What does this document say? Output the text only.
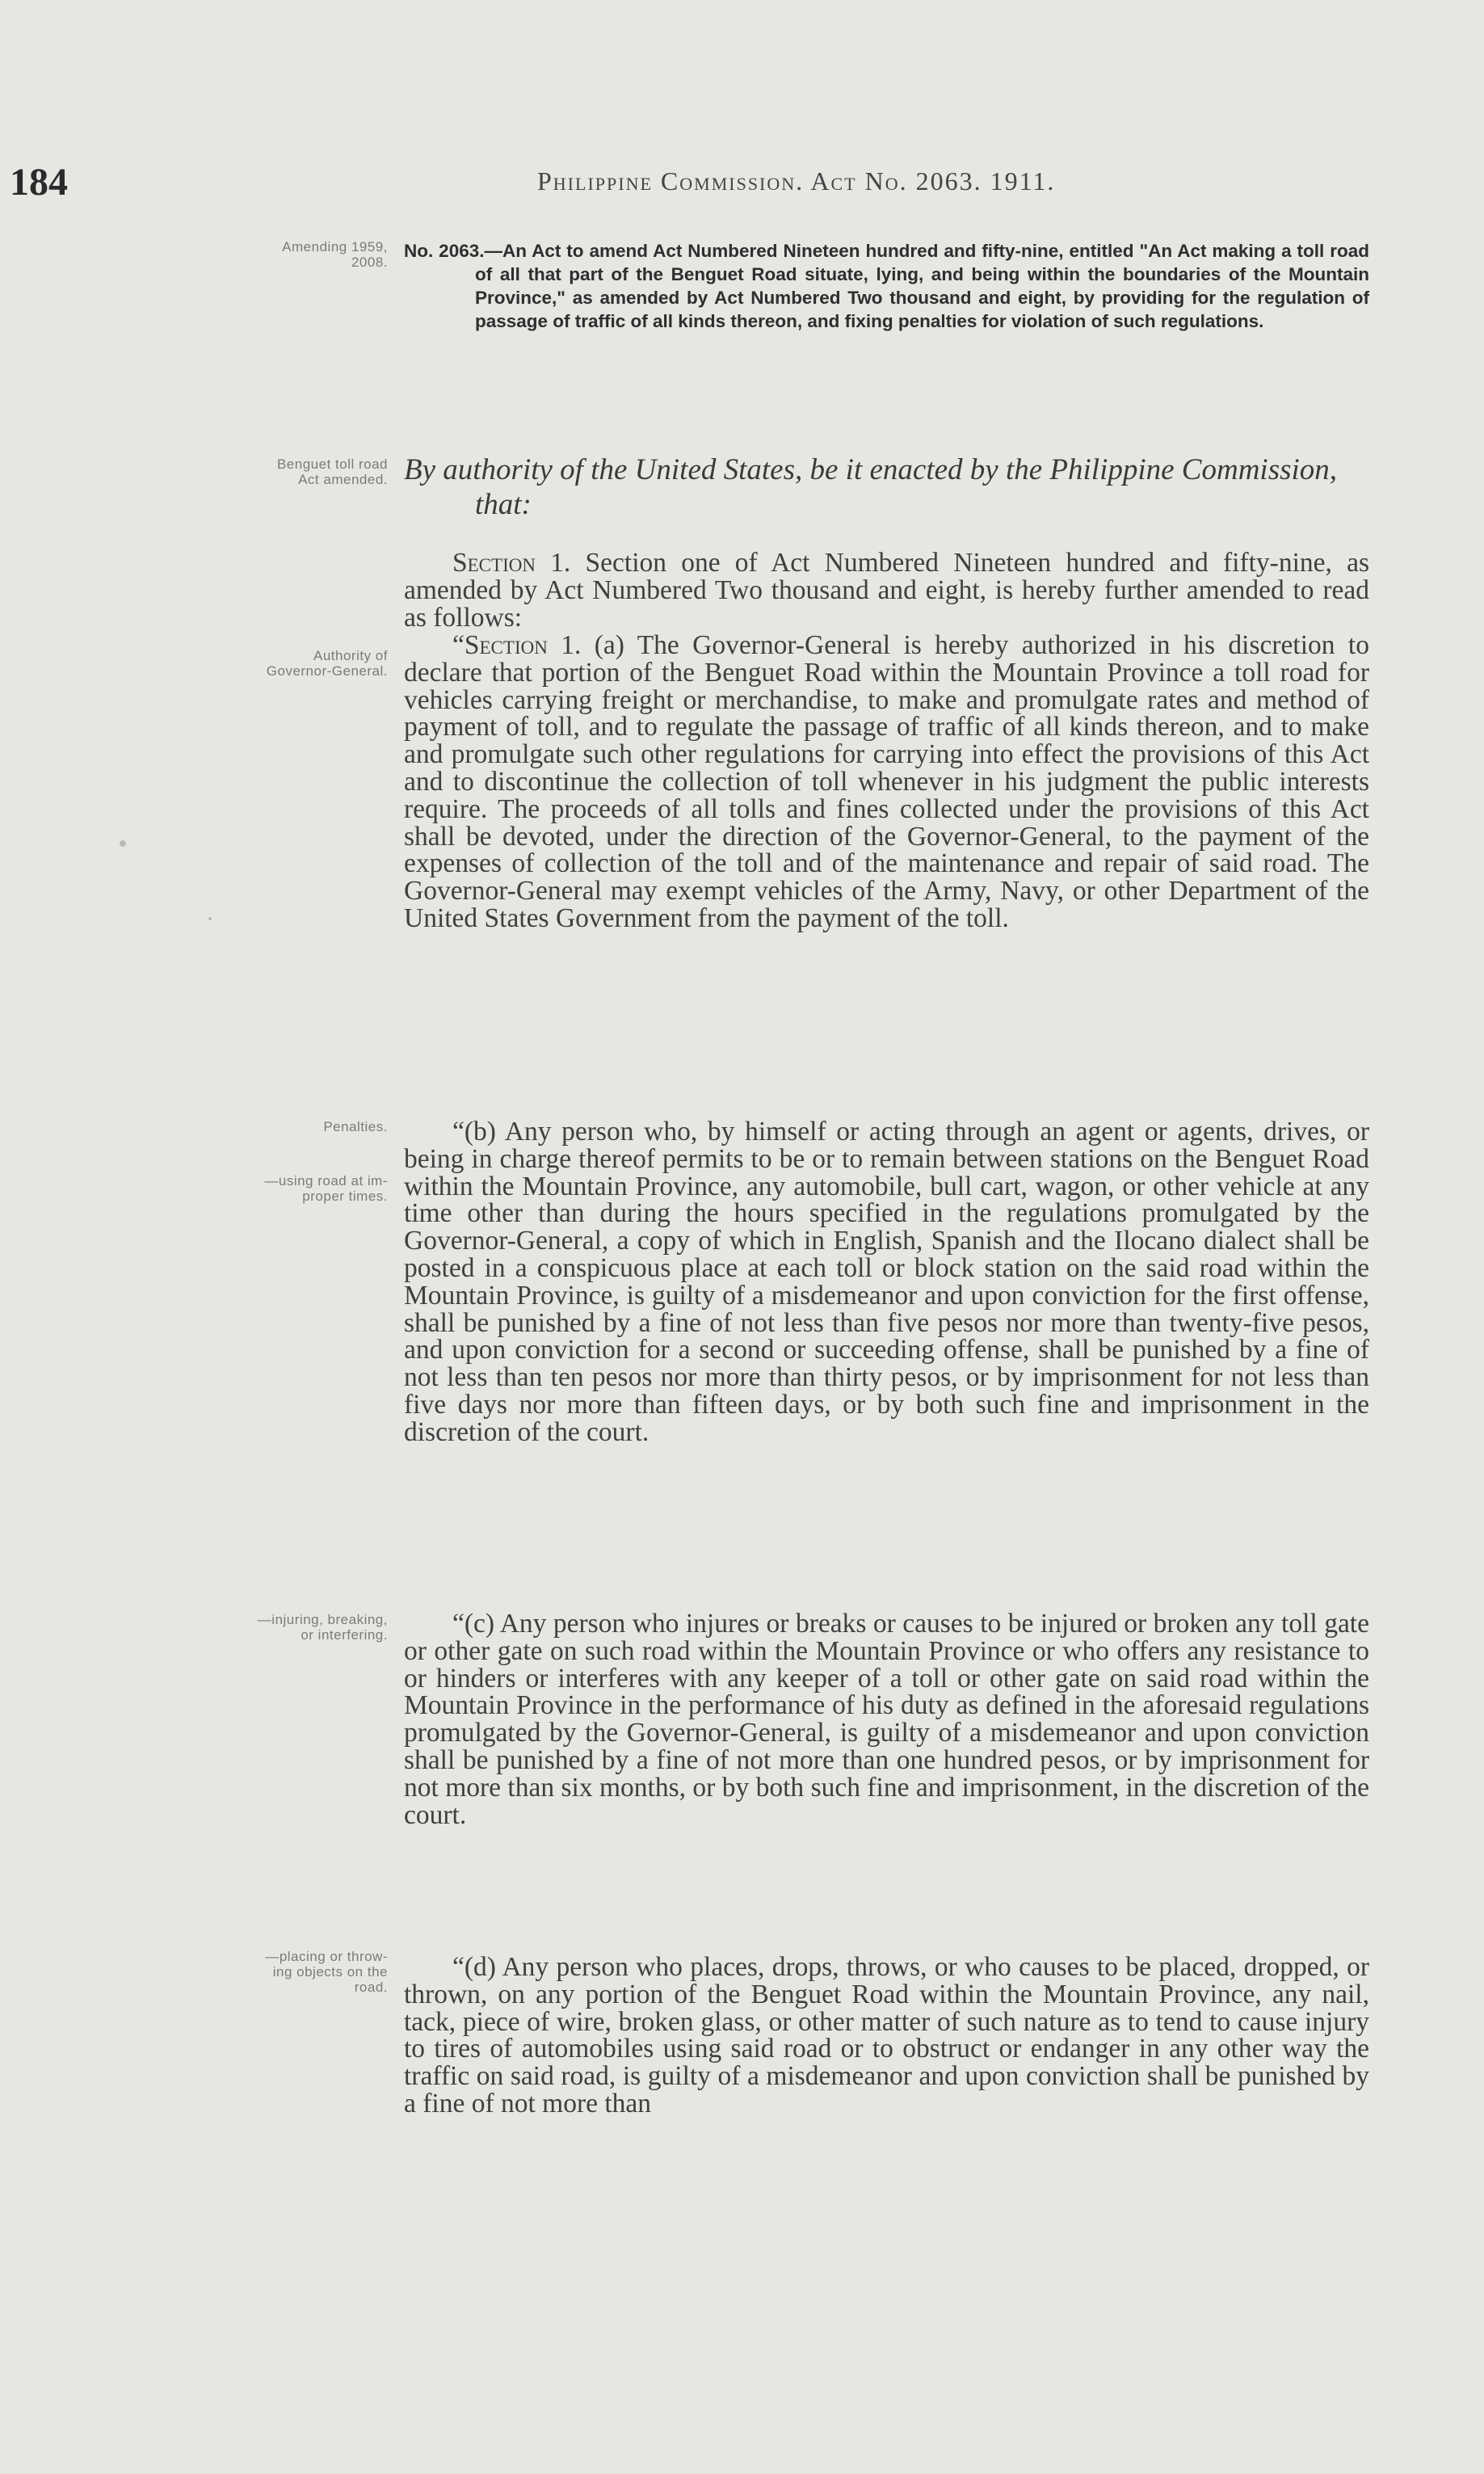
184	Philippine Commission. Act No. 2063. 1911.
Amending 1959,
2008.
Benguet toll road
Act amended.
Authority of
Governor-General.
Penalties.
—using road at im-
proper times.
—injuring, breaking,
or interfering.
—placing or throw-
ing objects on the
road.
No. 2063.—An Act to amend Act Numbered Nineteen hundred and fifty-nine, entitled "An Act making a toll road of all that part of the Benguet Road situate, lying, and being within the boundaries of the Mountain Province," as amended by Act Numbered Two thousand and eight, by providing for the regulation of passage of traffic of all kinds thereon, and fixing penalties for violation of such regulations.
By authority of the United States, be it enacted by the Philippine Commission, that:

Section 1. Section one of Act Numbered Nineteen hundred and fifty-nine, as amended by Act Numbered Two thousand and eight, is hereby further amended to read as follows:

“Section 1. (a) The Governor-General is hereby authorized in his discretion to declare that portion of the Benguet Road within the Mountain Province a toll road for vehicles carrying freight or merchandise, to make and promulgate rates and method of payment of toll, and to regulate the passage of traffic of all kinds thereon, and to make and promulgate such other regulations for carrying into effect the provisions of this Act and to discontinue the collection of toll whenever in his judgment the public interests require. The proceeds of all tolls and fines collected under the provisions of this Act shall be devoted, under the direction of the Governor-General, to the payment of the expenses of collection of the toll and of the maintenance and repair of said road. The Governor-General may exempt vehicles of the Army, Navy, or other Department of the United States Government from the payment of the toll.

“(b) Any person who, by himself or acting through an agent or agents, drives, or being in charge thereof permits to be or to remain between stations on the Benguet Road within the Mountain Province, any automobile, bull cart, wagon, or other vehicle at any time other than during the hours specified in the regulations promulgated by the Governor-General, a copy of which in English, Spanish and the Ilocano dialect shall be posted in a conspicuous place at each toll or block station on the said road within the Mountain Province, is guilty of a misdemeanor and upon conviction for the first offense, shall be punished by a fine of not less than five pesos nor more than twenty-five pesos, and upon conviction for a second or succeeding offense, shall be punished by a fine of not less than ten pesos nor more than thirty pesos, or by imprisonment for not less than five days nor more than fifteen days, or by both such fine and imprisonment in the discretion of the court.

“(c) Any person who injures or breaks or causes to be injured or broken any toll gate or other gate on such road within the Mountain Province or who offers any resistance to or hinders or interferes with any keeper of a toll or other gate on said road within the Mountain Province in the performance of his duty as defined in the aforesaid regulations promulgated by the Governor-General, is guilty of a misdemeanor and upon conviction shall be punished by a fine of not more than one hundred pesos, or by imprisonment for not more than six months, or by both such fine and imprisonment, in the discretion of the court.

“(d) Any person who places, drops, throws, or who causes to be placed, dropped, or thrown, on any portion of the Benguet Road within the Mountain Province, any nail, tack, piece of wire, broken glass, or other matter of such nature as to tend to cause injury to tires of automobiles using said road or to obstruct or endanger in any other way the traffic on said road, is guilty of a misdemeanor and upon conviction shall be punished by a fine of not more than
